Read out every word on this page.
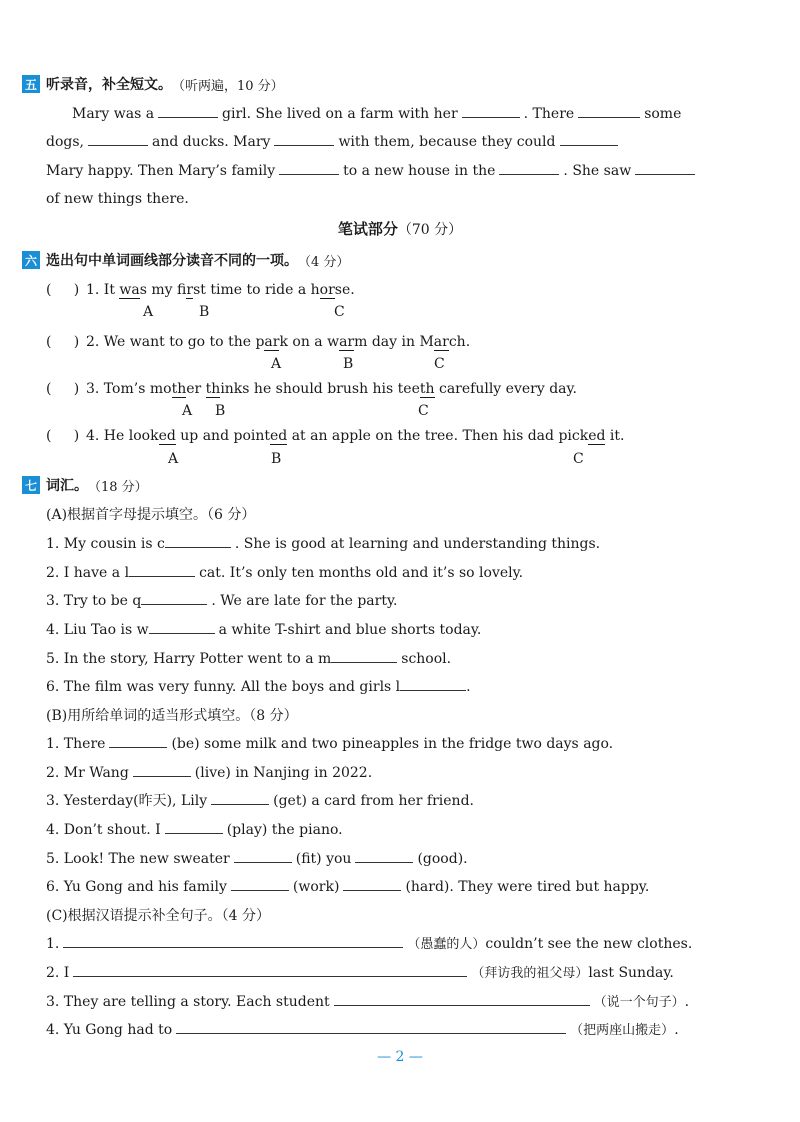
五 听录音，补全短文。 （听两遍，10 分）
Mary was a	girl. She lived on a farm with her	. There	some
dogs,	and ducks. Mary	with them, because they could
Mary happy. Then Mary’s family	to a new house in the	. She saw
of new things there.
笔试部分（70 分）
六 选出句中单词画线部分读音不同的一项。 （4 分）
( ) 1. It was my first time to ride a horse.
A	B	C
( ) 2. We want to go to the park on a warm day in March.
A	B	C
( ) 3. Tom’s mother thinks he should brush his teeth carefully every day.
A B	C
( ) 4. He looked up and pointed at an apple on the tree. Then his dad picked it.
A	B	C
七 词汇。 （18 分）
(A)根据首字母提示填空。（6 分）
1. My cousin is c	. She is good at learning and understanding things.
2. I have a l	cat. It’s only ten months old and it’s so lovely.
3. Try to be q	. We are late for the party.
4. Liu Tao is w	a white T-shirt and blue shorts today.
5. In the story, Harry Potter went to a m	school.
6. The film was very funny. All the boys and girls l	.
(B)用所给单词的适当形式填空。（8 分）
1. There	(be) some milk and two pineapples in the fridge two days ago.
2. Mr Wang	(live) in Nanjing in 2022.
3. Yesterday(昨天), Lily	(get) a card from her friend.
4. Don’t shout. I	(play) the piano.
5. Look! The new sweater	(fit) you	(good).
6. Yu Gong and his family	(work)	(hard). They were tired but happy.
(C)根据汉语提示补全句子。（4 分）
1.	（愚蠢的人）couldn’t see the new clothes.
2. I	（拜访我的祖父母）last Sunday.
3. They are telling a story. Each student	（说一个句子）.
4. Yu Gong had to	（把两座山搬走）.
— 2 —
